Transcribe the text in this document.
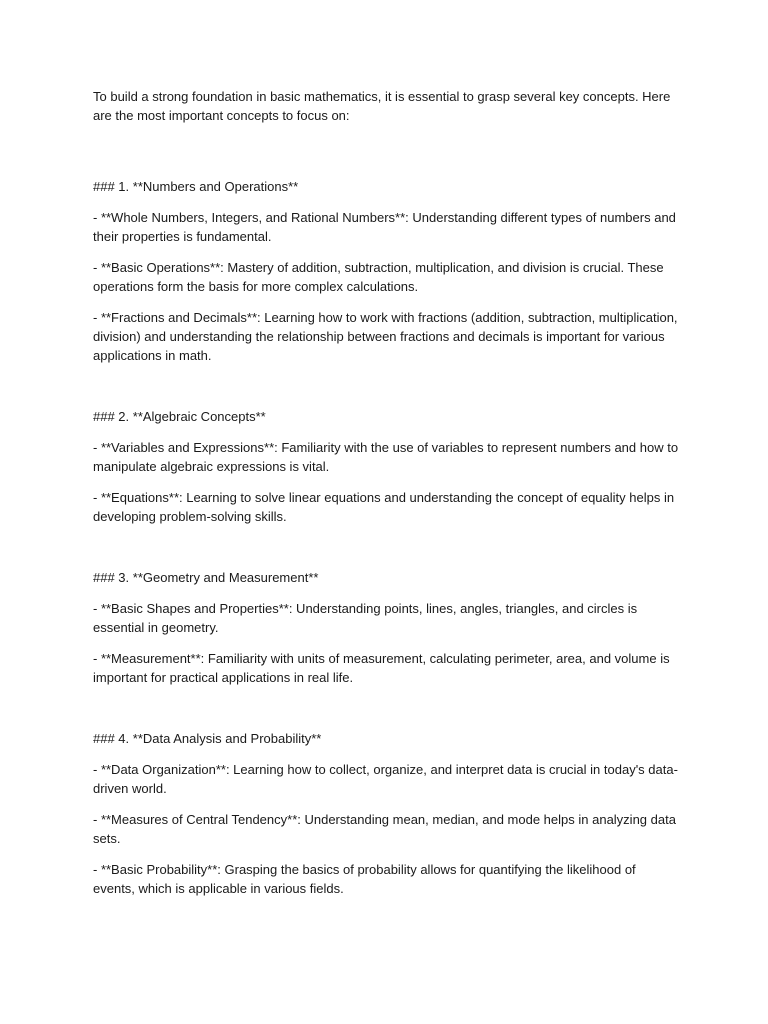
To build a strong foundation in basic mathematics, it is essential to grasp several key concepts. Here are the most important concepts to focus on:

### 1. **Numbers and Operations**

- **Whole Numbers, Integers, and Rational Numbers**: Understanding different types of numbers and their properties is fundamental.

- **Basic Operations**: Mastery of addition, subtraction, multiplication, and division is crucial. These operations form the basis for more complex calculations.

- **Fractions and Decimals**: Learning how to work with fractions (addition, subtraction, multiplication, division) and understanding the relationship between fractions and decimals is important for various applications in math.

### 2. **Algebraic Concepts**

- **Variables and Expressions**: Familiarity with the use of variables to represent numbers and how to manipulate algebraic expressions is vital.

- **Equations**: Learning to solve linear equations and understanding the concept of equality helps in developing problem-solving skills.

### 3. **Geometry and Measurement**

- **Basic Shapes and Properties**: Understanding points, lines, angles, triangles, and circles is essential in geometry.

- **Measurement**: Familiarity with units of measurement, calculating perimeter, area, and volume is important for practical applications in real life.

### 4. **Data Analysis and Probability**

- **Data Organization**: Learning how to collect, organize, and interpret data is crucial in today's data-driven world.

- **Measures of Central Tendency**: Understanding mean, median, and mode helps in analyzing data sets.

- **Basic Probability**: Grasping the basics of probability allows for quantifying the likelihood of events, which is applicable in various fields.
